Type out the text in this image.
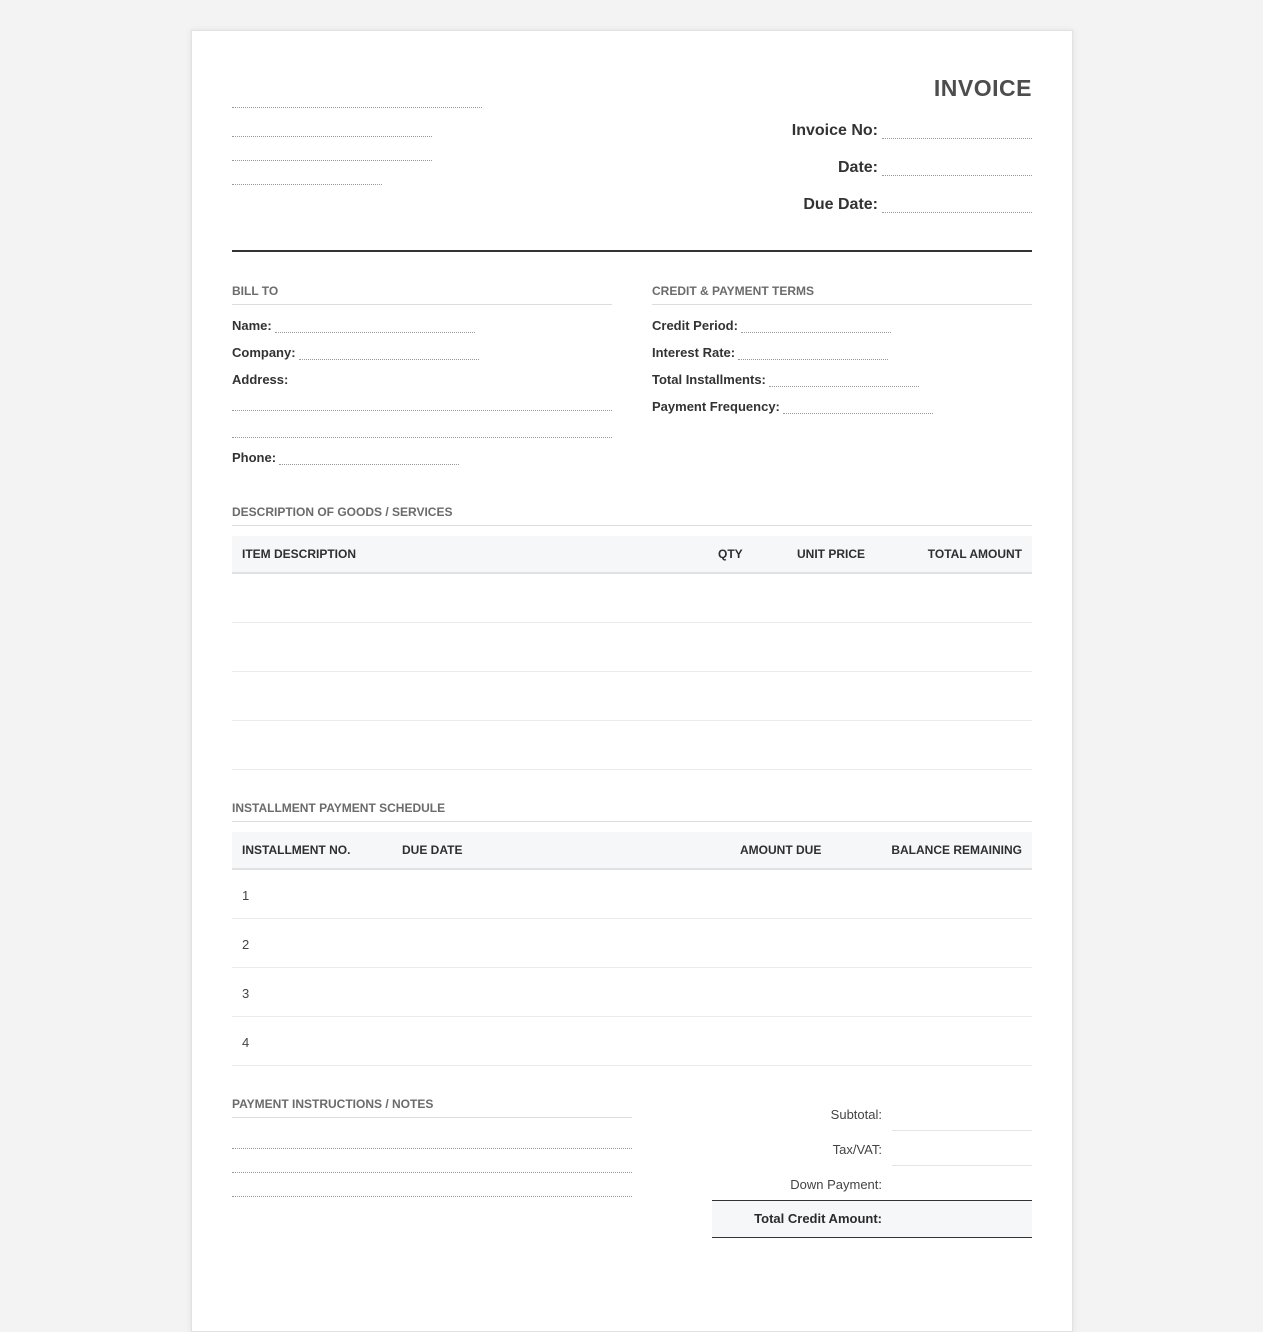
INVOICE
Invoice No:
Date:
Due Date:
BILL TO
Name:
Company:
Address:
Phone:
CREDIT & PAYMENT TERMS
Credit Period:
Interest Rate:
Total Installments:
Payment Frequency:
DESCRIPTION OF GOODS / SERVICES
ITEM DESCRIPTION	QTY	UNIT PRICE	TOTAL AMOUNT
INSTALLMENT PAYMENT SCHEDULE
INSTALLMENT NO.	DUE DATE	AMOUNT DUE	BALANCE REMAINING
1
2
3
4
PAYMENT INSTRUCTIONS / NOTES
Subtotal:
Tax/VAT:
Down Payment:
Total Credit Amount:
